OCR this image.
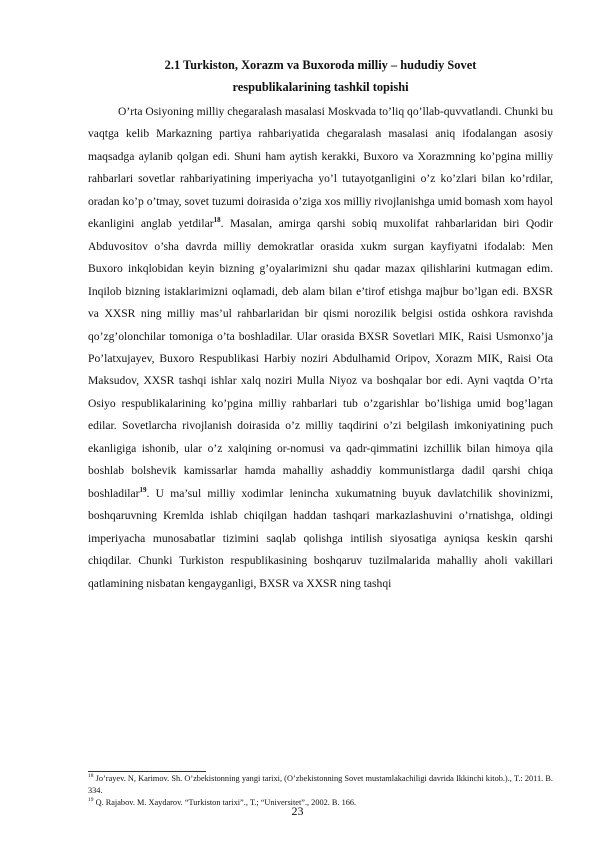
2.1 Turkiston, Xorazm va Buxoroda milliy – hududiy Sovet
respublikalarining tashkil topishi

O’rta Osiyoning milliy chegaralash masalasi Moskvada to’liq qo’llab-quvvatlandi. Chunki bu vaqtga kelib Markazning partiya rahbariyatida chegaralash masalasi aniq ifodalangan asosiy maqsadga aylanib qolgan edi. Shuni ham aytish kerakki, Buxoro va Xorazmning ko’pgina milliy rahbarlari sovetlar rahbariyatining imperiyacha yo’l tutayotganligini o’z ko’zlari bilan ko’rdilar, oradan ko’p o’tmay, sovet tuzumi doirasida o’ziga xos milliy rivojlanishga umid bomash xom hayol ekanligini anglab yetdilar$^{18}$. Masalan, amirga qarshi sobiq muxolifat rahbarlaridan biri Qodir Abduvositov o’sha davrda milliy demokratlar orasida xukm surgan kayfiyatni ifodalab: Men Buxoro inkqlobidan keyin bizning g’oyalarimizni shu qadar mazax qilishlarini kutmagan edim. Inqilob bizning istaklarimizni oqlamadi, deb alam bilan e’tirof etishga majbur bo’lgan edi. BXSR va XXSR ning milliy mas’ul rahbarlaridan bir qismi norozilik belgisi ostida oshkora ravishda qo’zg’olonchilar tomoniga o’ta boshladilar. Ular orasida BXSR Sovetlari MIK, Raisi Usmonxo’ja Po’latxujayev, Buxoro Respublikasi Harbiy noziri Abdulhamid Oripov, Xorazm MIK, Raisi Ota Maksudov, XXSR tashqi ishlar xalq noziri Mulla Niyoz va boshqalar bor edi. Ayni vaqtda O’rta Osiyo respublikalarining ko’pgina milliy rahbarlari tub o’zgarishlar bo’lishiga umid bog’lagan edilar. Sovetlarcha rivojlanish doirasida o’z milliy taqdirini o’zi belgilash imkoniyatining puch ekanligiga ishonib, ular o’z xalqining or-nomusi va qadr-qimmatini izchillik bilan himoya qila boshlab bolshevik kamissarlar hamda mahalliy ashaddiy kommunistlarga dadil qarshi chiqa boshladilar$^{19}$. U ma’sul milliy xodimlar lenincha xukumatning buyuk davlatchilik shovinizmi, boshqaruvning Kremlda ishlab chiqilgan haddan tashqari markazlashuvini o’rnatishga, oldingi imperiyacha munosabatlar tizimini saqlab qolishga intilish siyosatiga ayniqsa keskin qarshi chiqdilar. Chunki Turkiston respublikasining boshqaruv tuzilmalarida mahalliy aholi vakillari qatlamining nisbatan kengayganligi, BXSR va XXSR ning tashqi

$^{18}$ Jo’rayev. N, Karimov. Sh. O’zbekistonning yangi tarixi, (O’zbekistonning Sovet mustamlakachiligi davrida Ikkinchi kitob.)., T.: 2011. B. 334.

$^{19}$ Q. Rajabov. M. Xaydarov. “Turkiston tarixi”., T.; “Universitet”., 2002. B. 166.

23
